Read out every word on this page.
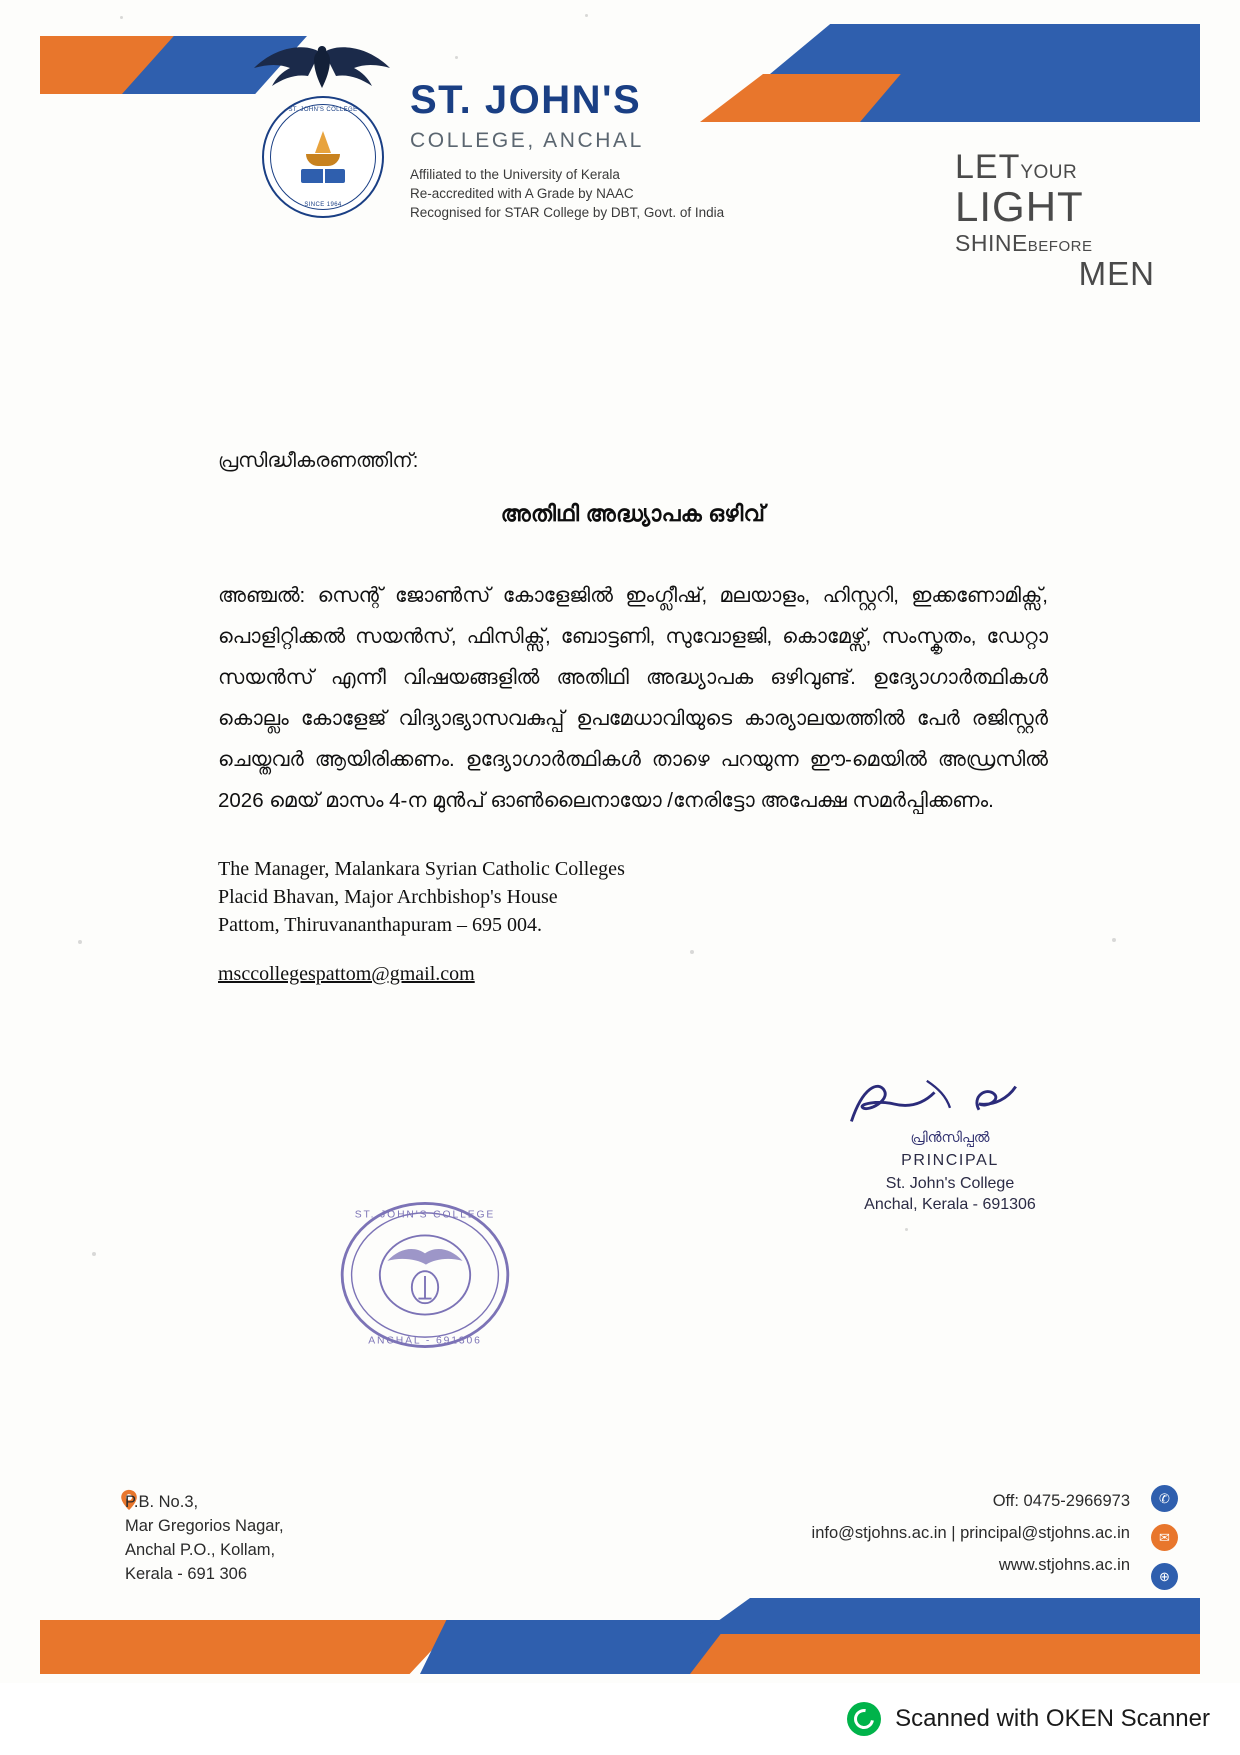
ST. JOHN'S COLLEGE
SINCE 1964
ST. JOHN'S
COLLEGE, ANCHAL
Affiliated to the University of Kerala
Re-accredited with A Grade by NAAC
Recognised for STAR College by DBT, Govt. of India
LETYOUR
LIGHT
SHINEBEFORE
MEN
പ്രസിദ്ധീകരണത്തിന്:
അതിഥി അദ്ധ്യാപക ഒഴിവ്

അഞ്ചൽ: സെന്റ് ജോൺസ് കോളേജിൽ ഇംഗ്ലീഷ്, മലയാളം, ഹിസ്റ്ററി, ഇക്കണോമിക്സ്, പൊളിറ്റിക്കൽ സയൻസ്, ഫിസിക്സ്, ബോട്ടണി, സുവോളജി, കൊമേഴ്സ്, സംസ്കൃതം, ഡേറ്റാ സയൻസ് എന്നീ വിഷയങ്ങളിൽ അതിഥി അദ്ധ്യാപക ഒഴിവുണ്ട്. ഉദ്യോഗാർത്ഥികൾ കൊല്ലം കോളേജ് വിദ്യാഭ്യാസവകുപ്പ് ഉപമേധാവിയുടെ കാര്യാലയത്തിൽ പേർ രജിസ്റ്റർ ചെയ്തവർ ആയിരിക്കണം. ഉദ്യോഗാർത്ഥികൾ താഴെ പറയുന്ന ഈ-മെയിൽ അഡ്രസിൽ 2026 മെയ് മാസം 4-ന മുൻപ് ഓൺലൈനായോ /നേരിട്ടോ അപേക്ഷ സമർപ്പിക്കണം.

The Manager, Malankara Syrian Catholic Colleges
Placid Bhavan, Major Archbishop's House
Pattom, Thiruvananthapuram – 695 004.
msccollegespattom@gmail.com
പ്രിൻസിപ്പൽ
PRINCIPAL
St. John's College
Anchal, Kerala - 691306
ST. JOHN'S COLLEGE
ANCHAL - 691306
P.B. No.3,
Mar Gregorios Nagar,
Anchal P.O., Kollam,
Kerala - 691 306
Off: 0475-2966973
info@stjohns.ac.in | principal@stjohns.ac.in
www.stjohns.ac.in
✆
✉
⊕
Scanned with OKEN Scanner
